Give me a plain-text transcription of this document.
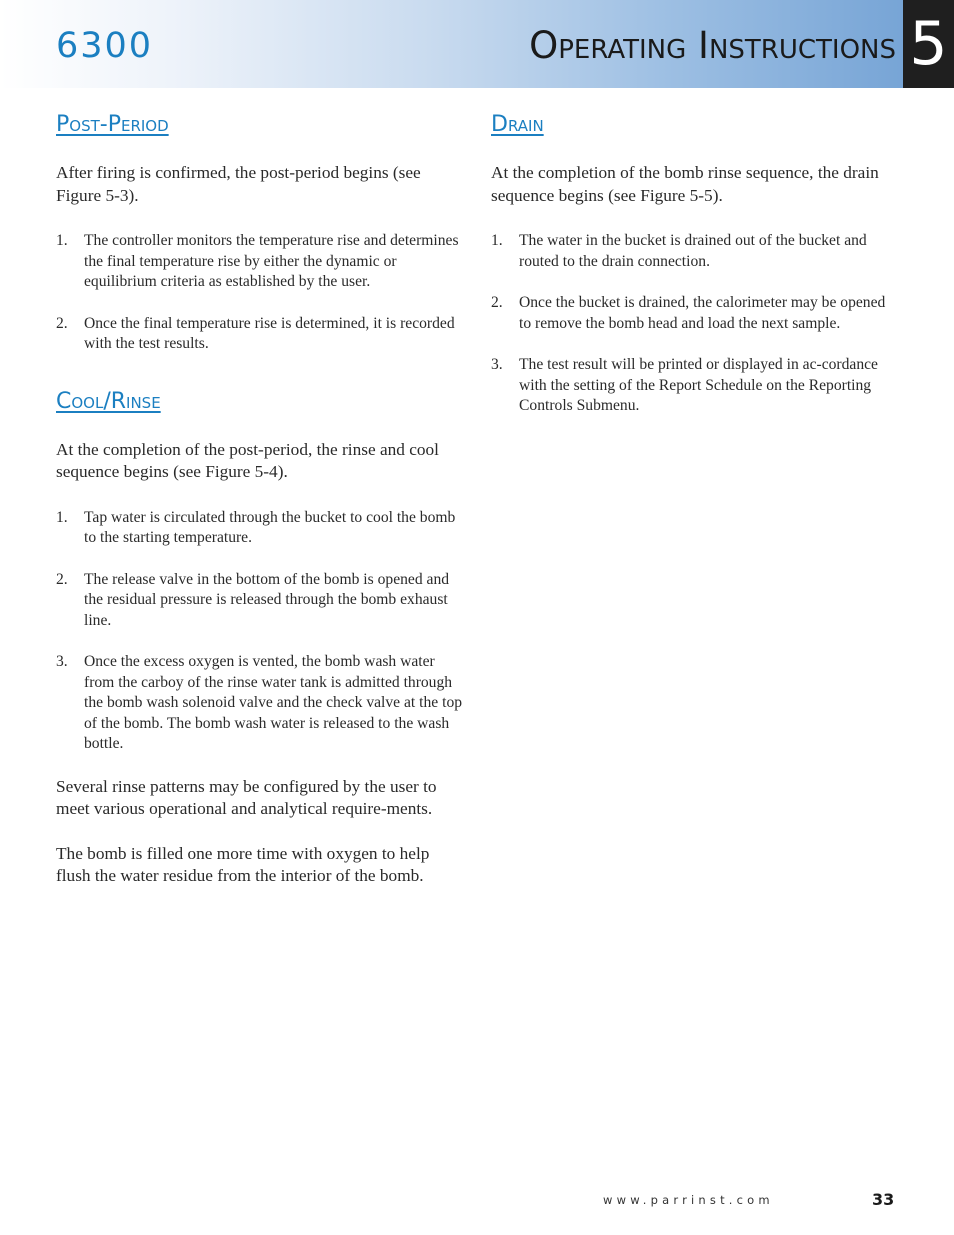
6300	Operating Instructions 5
Post-Period

After firing is confirmed, the post-period begins (see Figure 5-3).

1. The controller monitors the temperature rise and determines the final temperature rise by either the dynamic or equilibrium criteria as established by the user.
2. Once the final temperature rise is determined, it is recorded with the test results.
Cool/Rinse

At the completion of the post-period, the rinse and cool sequence begins (see Figure 5-4).

1. Tap water is circulated through the bucket to cool the bomb to the starting temperature.
2. The release valve in the bottom of the bomb is opened and the residual pressure is released through the bomb exhaust line.
3. Once the excess oxygen is vented, the bomb wash water from the carboy of the rinse water tank is admitted through the bomb wash solenoid valve and the check valve at the top of the bomb. The bomb wash water is released to the wash bottle.

Several rinse patterns may be configured by the user to meet various operational and analytical require-ments.

The bomb is filled one more time with oxygen to help flush the water residue from the interior of the bomb.

Drain

At the completion of the bomb rinse sequence, the drain sequence begins (see Figure 5-5).

1. The water in the bucket is drained out of the bucket and routed to the drain connection.
2. Once the bucket is drained, the calorimeter may be opened to remove the bomb head and load the next sample.
3. The test result will be printed or displayed in ac-cordance with the setting of the Report Schedule on the Reporting Controls Submenu.

www.parrinst.com	33
